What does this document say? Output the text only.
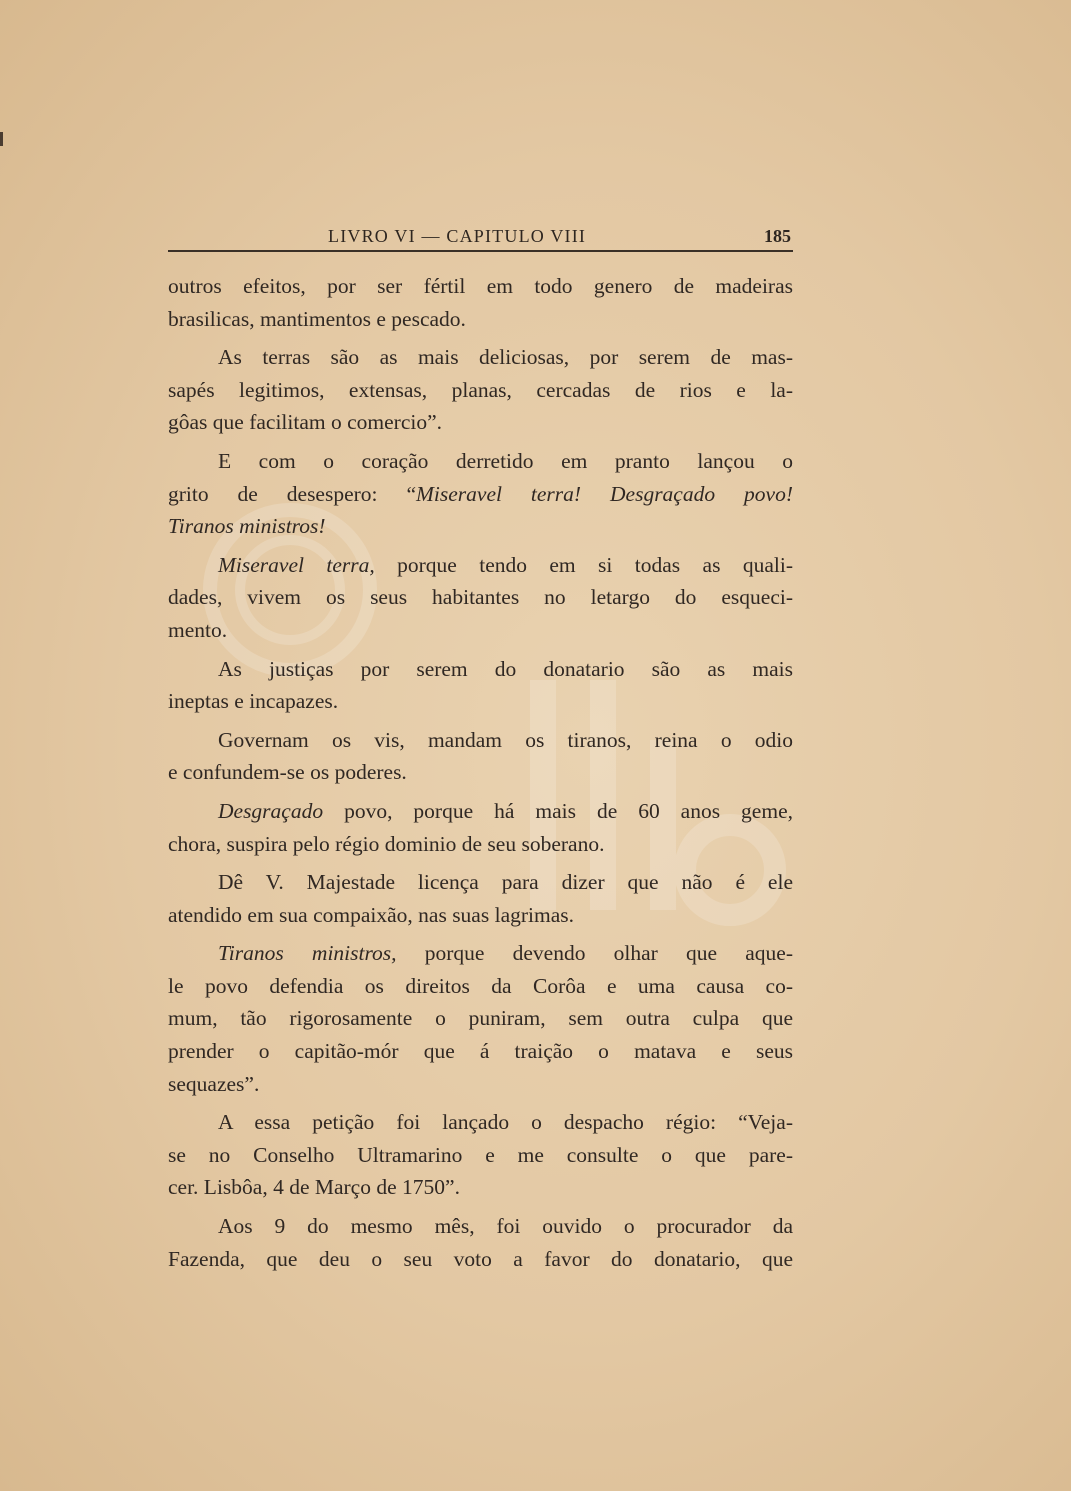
LIVRO VI — CAPITULO VIII	185
outros efeitos, por ser fértil em todo genero de madeiras
brasilicas, mantimentos e pescado.
As terras são as mais deliciosas, por serem de mas-
sapés legitimos, extensas, planas, cercadas de rios e la-
gôas que facilitam o comercio”.
E com o coração derretido em pranto lançou o
grito de desespero: “Miseravel terra! Desgraçado povo!
Tiranos ministros!
Miseravel terra, porque tendo em si todas as quali-
dades, vivem os seus habitantes no letargo do esqueci-
mento.
As justiças por serem do donatario são as mais
ineptas e incapazes.
Governam os vis, mandam os tiranos, reina o odio
e confundem-se os poderes.
Desgraçado povo, porque há mais de 60 anos geme,
chora, suspira pelo régio dominio de seu soberano.
Dê V. Majestade licença para dizer que não é ele
atendido em sua compaixão, nas suas lagrimas.
Tiranos ministros, porque devendo olhar que aque-
le povo defendia os direitos da Corôa e uma causa co-
mum, tão rigorosamente o puniram, sem outra culpa que
prender o capitão-mór que á traição o matava e seus
sequazes”.
A essa petição foi lançado o despacho régio: “Veja-
se no Conselho Ultramarino e me consulte o que pare-
cer. Lisbôa, 4 de Março de 1750”.
Aos 9 do mesmo mês, foi ouvido o procurador da
Fazenda, que deu o seu voto a favor do donatario, que
